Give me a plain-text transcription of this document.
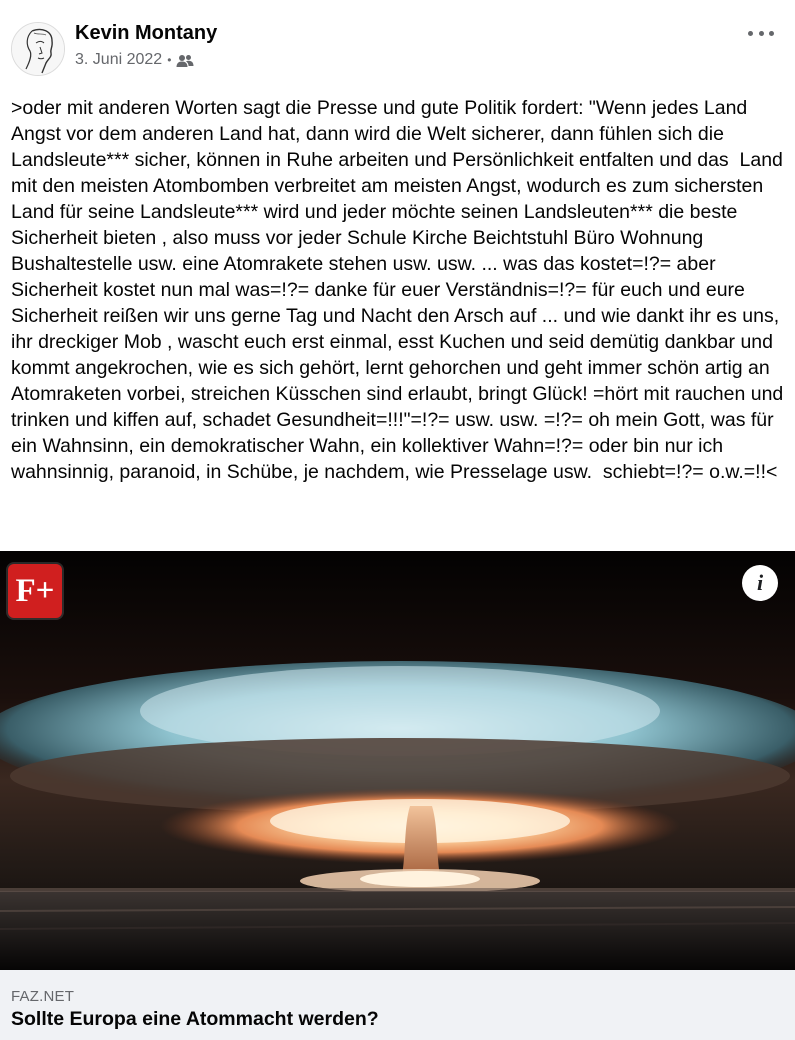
Kevin Montany
3. Juni 2022 •
>oder mit anderen Worten sagt die Presse und gute Politik fordert: "Wenn jedes Land Angst vor dem anderen Land hat, dann wird die Welt sicherer, dann fühlen sich die Landsleute*** sicher, können in Ruhe arbeiten und Persönlichkeit entfalten und das  Land mit den meisten Atombomben verbreitet am meisten Angst, wodurch es zum sichersten Land für seine Landsleute*** wird und jeder möchte seinen Landsleuten*** die beste Sicherheit bieten , also muss vor jeder Schule Kirche Beichtstuhl Büro Wohnung Bushaltestelle usw. eine Atomrakete stehen usw. usw. ... was das kostet=!?= aber Sicherheit kostet nun mal was=!?= danke für euer Verständnis=!?= für euch und eure Sicherheit reißen wir uns gerne Tag und Nacht den Arsch auf ... und wie dankt ihr es uns, ihr dreckiger Mob , wascht euch erst einmal, esst Kuchen und seid demütig dankbar und kommt angekrochen, wie es sich gehört, lernt gehorchen und geht immer schön artig an Atomraketen vorbei, streichen Küsschen sind erlaubt, bringt Glück! =hört mit rauchen und trinken und kiffen auf, schadet Gesundheit=!!!"=!?= usw. usw. =!?= oh mein Gott, was für ein Wahnsinn, ein demokratischer Wahn, ein kollektiver Wahn=!?= oder bin nur ich wahnsinnig, paranoid, in Schübe, je nachdem, wie Presselage usw.  schiebt=!?= o.w.=!!<
F+	i
FAZ.NET
Sollte Europa eine Atommacht werden?
